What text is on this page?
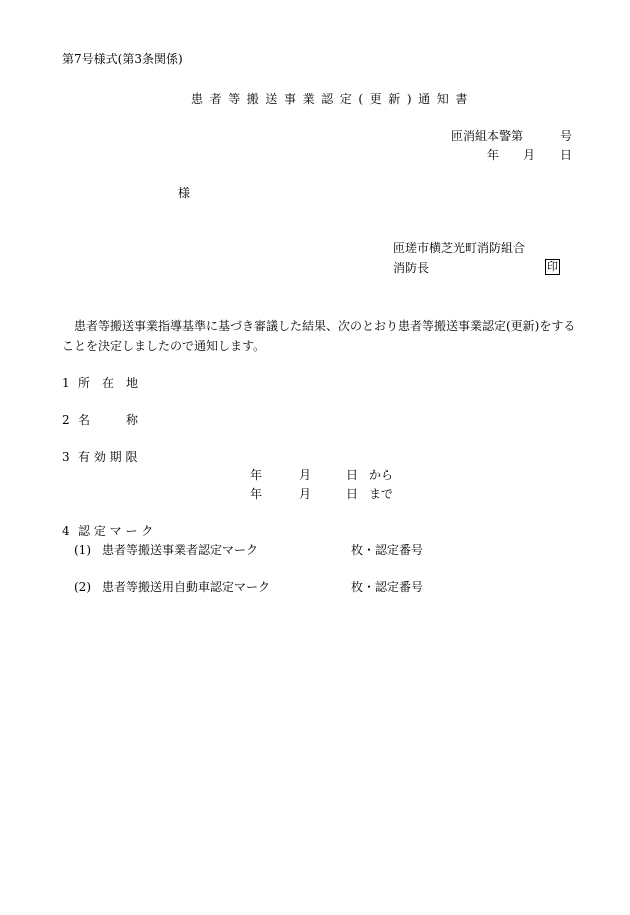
第7号様式(第3条関係)
患者等搬送事業認定(更新)通知書
匝消組本警第	号
年 月 日
様
匝瑳市横芝光町消防組合
消防長	印
患者等搬送事業指導基準に基づき審議した結果、次のとおり患者等搬送事業認定(更新)をすることを決定しましたので通知します。
1 所　在　地
2 名　　　称
3 有 効 期 限
年	月	日 から
年	月	日 まで
4 認 定 マ ー ク
(1) 患者等搬送事業者認定マーク	枚・認定番号
(2) 患者等搬送用自動車認定マーク	枚・認定番号
